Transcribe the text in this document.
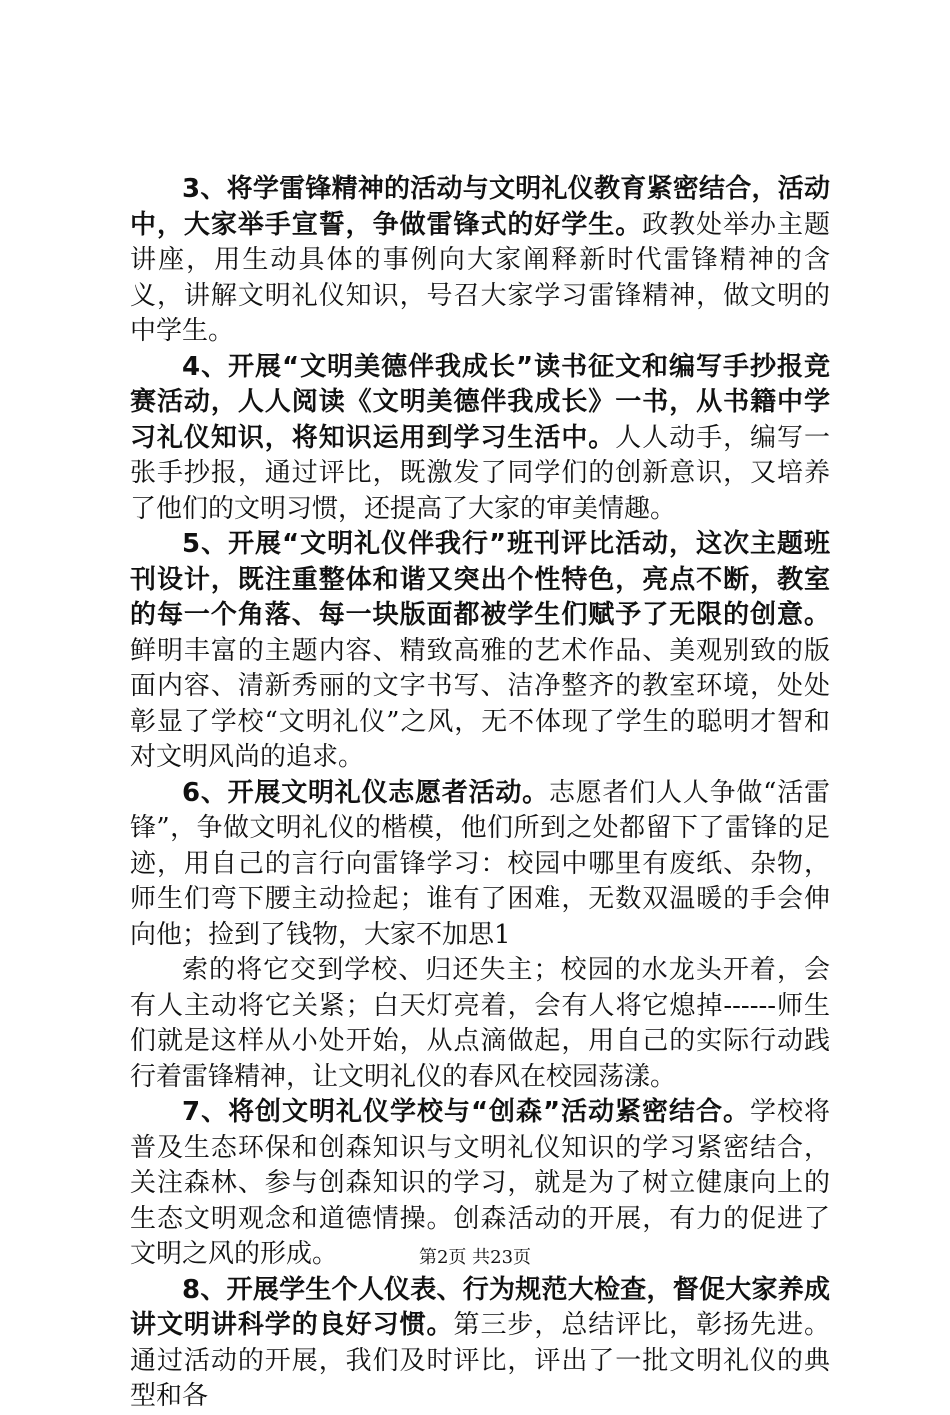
3、将学雷锋精神的活动与文明礼仪教育紧密结合，活动中，大家举手宣誓，争做雷锋式的好学生。政教处举办主题讲座，用生动具体的事例向大家阐释新时代雷锋精神的含义，讲解文明礼仪知识，号召大家学习雷锋精神，做文明的中学生。

4、开展“文明美德伴我成长”读书征文和编写手抄报竞赛活动，人人阅读《文明美德伴我成长》一书，从书籍中学习礼仪知识，将知识运用到学习生活中。人人动手，编写一张手抄报，通过评比，既激发了同学们的创新意识，又培养了他们的文明习惯，还提高了大家的审美情趣。

5、开展“文明礼仪伴我行”班刊评比活动，这次主题班刊设计，既注重整体和谐又突出个性特色，亮点不断，教室的每一个角落、每一块版面都被学生们赋予了无限的创意。鲜明丰富的主题内容、精致高雅的艺术作品、美观别致的版面内容、清新秀丽的文字书写、洁净整齐的教室环境，处处彰显了学校“文明礼仪”之风，无不体现了学生的聪明才智和对文明风尚的追求。

6、开展文明礼仪志愿者活动。志愿者们人人争做“活雷锋”，争做文明礼仪的楷模，他们所到之处都留下了雷锋的足迹，用自己的言行向雷锋学习：校园中哪里有废纸、杂物，师生们弯下腰主动捡起；谁有了困难，无数双温暖的手会伸向他；捡到了钱物，大家不加思1

索的将它交到学校、归还失主；校园的水龙头开着，会有人主动将它关紧；白天灯亮着，会有人将它熄掉------师生们就是这样从小处开始，从点滴做起，用自己的实际行动践行着雷锋精神，让文明礼仪的春风在校园荡漾。

7、将创文明礼仪学校与“创森”活动紧密结合。学校将普及生态环保和创森知识与文明礼仪知识的学习紧密结合，关注森林、参与创森知识的学习，就是为了树立健康向上的生态文明观念和道德情操。创森活动的开展，有力的促进了文明之风的形成。

8、开展学生个人仪表、行为规范大检查，督促大家养成讲文明讲科学的良好习惯。第三步，总结评比，彰扬先进。通过活动的开展，我们及时评比，评出了一批文明礼仪的典型和各

第2页 共23页
